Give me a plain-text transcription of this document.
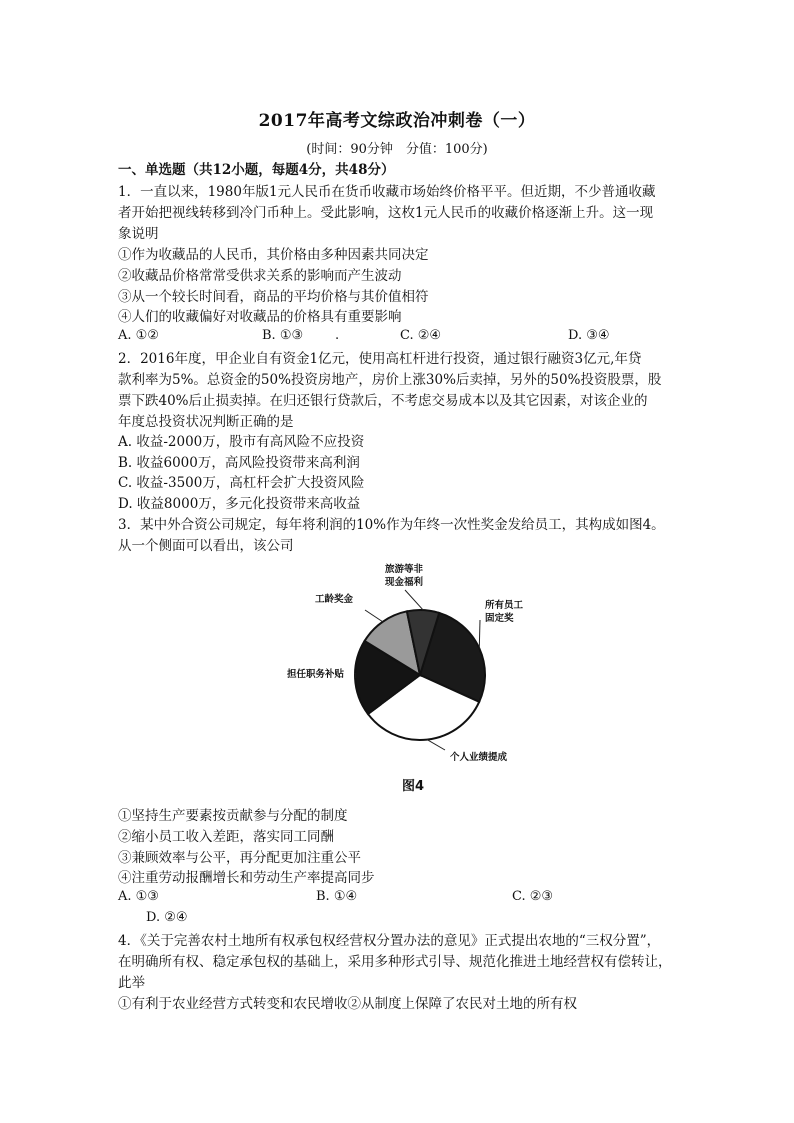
2017年高考文综政治冲刺卷（一）
(时间：90分钟　分值：100分)
一、单选题（共12小题，每题4分，共48分）
1．一直以来，1980年版1元人民币在货币收藏市场始终价格平平。但近期，不少普通收藏
者开始把视线转移到冷门币种上。受此影响，这枚1元人民币的收藏价格逐渐上升。这一现
象说明
①作为收藏品的人民币，其价格由多种因素共同决定
②收藏品价格常常受供求关系的影响而产生波动
③从一个较长时间看，商品的平均价格与其价值相符
④人们的收藏偏好对收藏品的价格具有重要影响
A. ①②	B. ①③ .	C. ②④	D. ③④
2．2016年度，甲企业自有资金1亿元，使用高杠杆进行投资，通过银行融资3亿元,年贷
款利率为5%。总资金的50%投资房地产，房价上涨30%后卖掉，另外的50%投资股票，股
票下跌40%后止损卖掉。在归还银行贷款后，不考虑交易成本以及其它因素，对该企业的
年度总投资状况判断正确的是
A. 收益-2000万，股市有高风险不应投资
B. 收益6000万，高风险投资带来高利润
C. 收益-3500万，高杠杆会扩大投资风险
D. 收益8000万，多元化投资带来高收益
3．某中外合资公司规定，每年将利润的10%作为年终一次性奖金发给员工，其构成如图4。
从一个侧面可以看出，该公司
所有员工
固定奖
个人业绩提成
担任职务补贴
工龄奖金
旅游等非
现金福利
图4
①坚持生产要素按贡献参与分配的制度
②缩小员工收入差距，落实同工同酬
③兼顾效率与公平，再分配更加注重公平
④注重劳动报酬增长和劳动生产率提高同步
A. ①③	B. ①④	C. ②③
D. ②④
4．《关于完善农村土地所有权承包权经营权分置办法的意见》正式提出农地的“三权分置”，
在明确所有权、稳定承包权的基础上，采用多种形式引导、规范化推进土地经营权有偿转让，
此举
①有利于农业经营方式转变和农民增收②从制度上保障了农民对土地的所有权
